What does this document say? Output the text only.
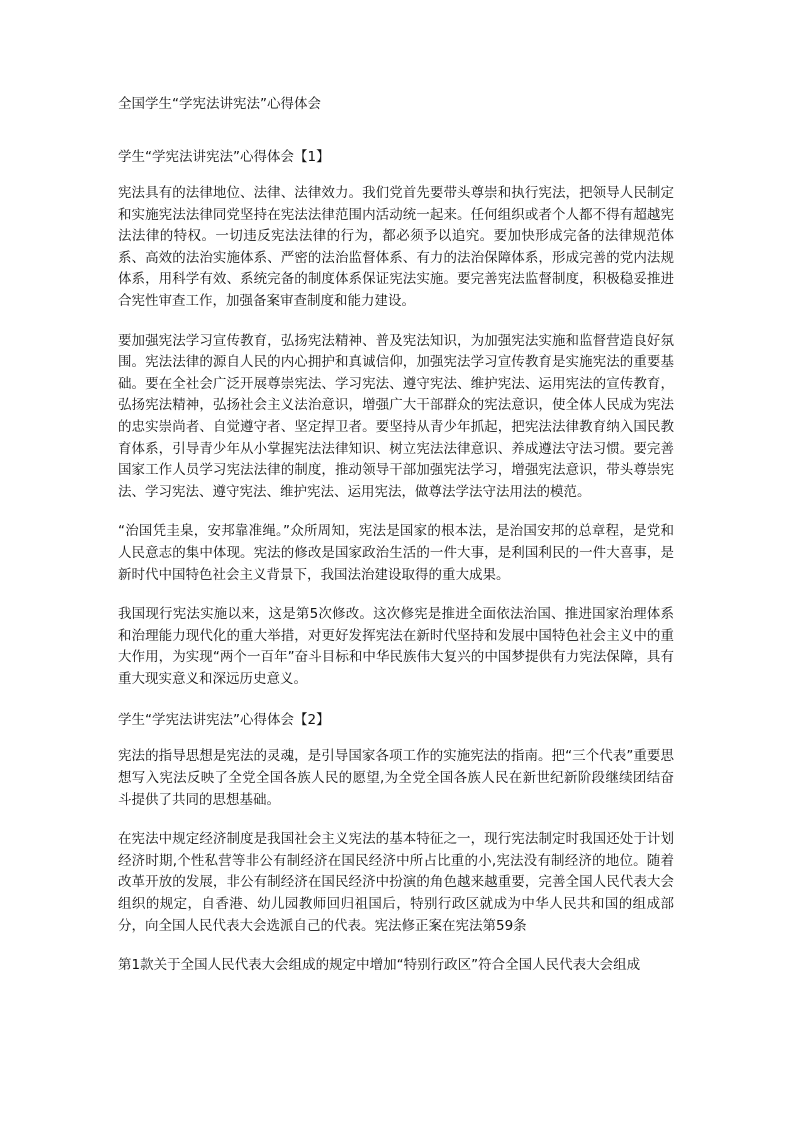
全国学生“学宪法讲宪法”心得体会
学生“学宪法讲宪法”心得体会【1】

宪法具有的法律地位、法律、法律效力。我们党首先要带头尊崇和执行宪法，把领导人民制定和实施宪法法律同党坚持在宪法法律范围内活动统一起来。任何组织或者个人都不得有超越宪法法律的特权。一切违反宪法法律的行为，都必须予以追究。要加快形成完备的法律规范体系、高效的法治实施体系、严密的法治监督体系、有力的法治保障体系，形成完善的党内法规体系，用科学有效、系统完备的制度体系保证宪法实施。要完善宪法监督制度，积极稳妥推进合宪性审查工作，加强备案审查制度和能力建设。

要加强宪法学习宣传教育，弘扬宪法精神、普及宪法知识，为加强宪法实施和监督营造良好氛围。宪法法律的源自人民的内心拥护和真诚信仰，加强宪法学习宣传教育是实施宪法的重要基础。要在全社会广泛开展尊崇宪法、学习宪法、遵守宪法、维护宪法、运用宪法的宣传教育，弘扬宪法精神，弘扬社会主义法治意识，增强广大干部群众的宪法意识，使全体人民成为宪法的忠实崇尚者、自觉遵守者、坚定捍卫者。要坚持从青少年抓起，把宪法法律教育纳入国民教育体系，引导青少年从小掌握宪法法律知识、树立宪法法律意识、养成遵法守法习惯。要完善国家工作人员学习宪法法律的制度，推动领导干部加强宪法学习，增强宪法意识，带头尊崇宪法、学习宪法、遵守宪法、维护宪法、运用宪法，做尊法学法守法用法的模范。

“治国凭圭臬，安邦靠准绳。”众所周知，宪法是国家的根本法，是治国安邦的总章程，是党和人民意志的集中体现。宪法的修改是国家政治生活的一件大事，是利国利民的一件大喜事，是新时代中国特色社会主义背景下，我国法治建设取得的重大成果。

我国现行宪法实施以来，这是第5次修改。这次修宪是推进全面依法治国、推进国家治理体系和治理能力现代化的重大举措，对更好发挥宪法在新时代坚持和发展中国特色社会主义中的重大作用，为实现“两个一百年”奋斗目标和中华民族伟大复兴的中国梦提供有力宪法保障，具有重大现实意义和深远历史意义。

学生“学宪法讲宪法”心得体会【2】

宪法的指导思想是宪法的灵魂，是引导国家各项工作的实施宪法的指南。把“三个代表”重要思想写入宪法反映了全党全国各族人民的愿望,为全党全国各族人民在新世纪新阶段继续团结奋斗提供了共同的思想基础。

在宪法中规定经济制度是我国社会主义宪法的基本特征之一，现行宪法制定时我国还处于计划经济时期,个性私营等非公有制经济在国民经济中所占比重的小,宪法没有制经济的地位。随着改革开放的发展，非公有制经济在国民经济中扮演的角色越来越重要，完善全国人民代表大会组织的规定，自香港、幼儿园教师回归祖国后，特别行政区就成为中华人民共和国的组成部分，向全国人民代表大会选派自己的代表。宪法修正案在宪法第59条

第1款关于全国人民代表大会组成的规定中增加“特别行政区”符合全国人民代表大会组成
